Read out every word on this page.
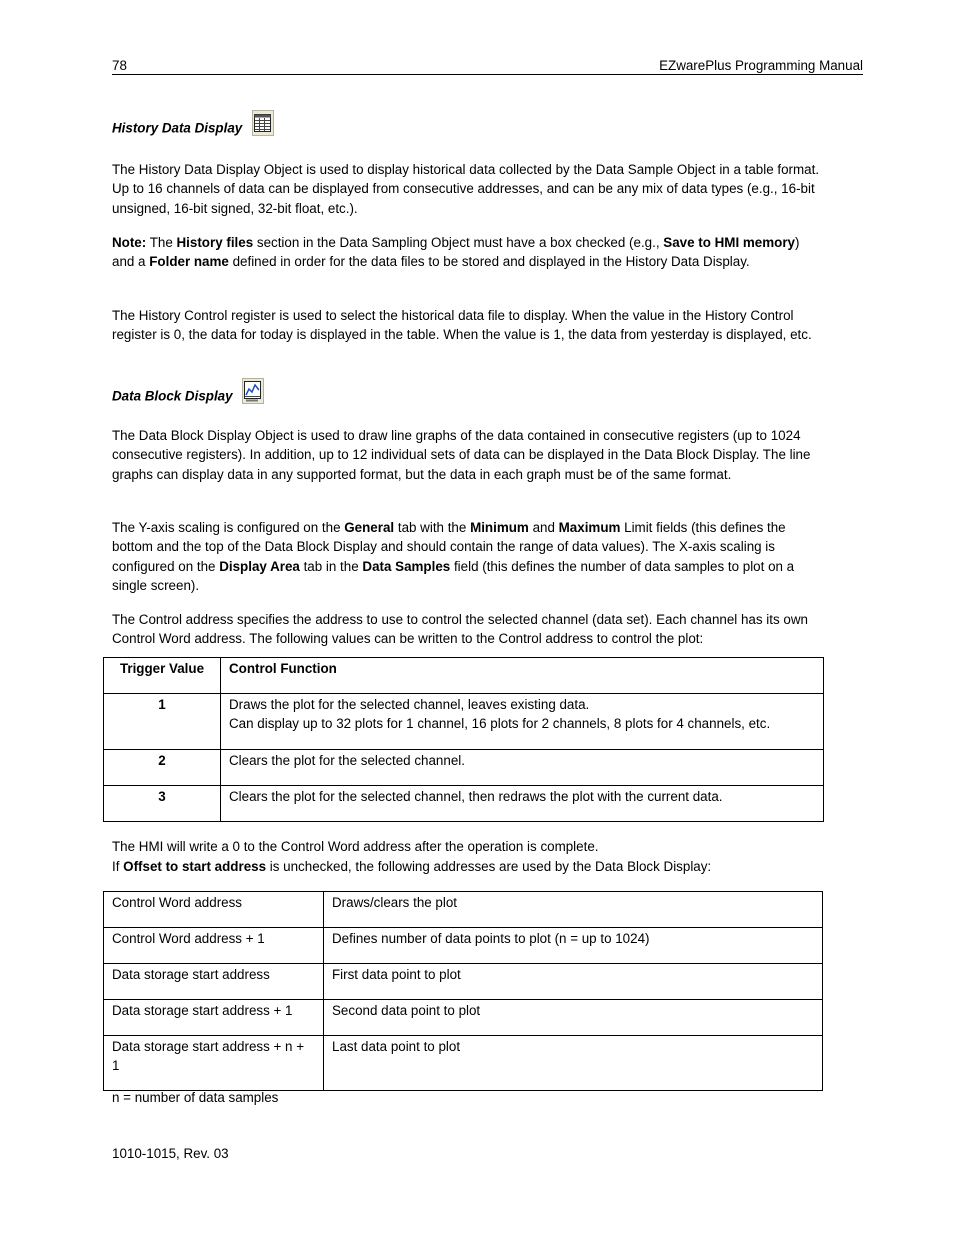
78	EZwarePlus Programming Manual
History Data Display

The History Data Display Object is used to display historical data collected by the Data Sample Object in a table format. Up to 16 channels of data can be displayed from consecutive addresses, and can be any mix of data types (e.g., 16-bit unsigned, 16-bit signed, 32-bit float, etc.).

Note: The History files section in the Data Sampling Object must have a box checked (e.g., Save to HMI memory) and a Folder name defined in order for the data files to be stored and displayed in the History Data Display.

The History Control register is used to select the historical data file to display. When the value in the History Control register is 0, the data for today is displayed in the table. When the value is 1, the data from yesterday is displayed, etc.

Data Block Display

The Data Block Display Object is used to draw line graphs of the data contained in consecutive registers (up to 1024 consecutive registers). In addition, up to 12 individual sets of data can be displayed in the Data Block Display. The line graphs can display data in any supported format, but the data in each graph must be of the same format.

The Y-axis scaling is configured on the General tab with the Minimum and Maximum Limit fields (this defines the bottom and the top of the Data Block Display and should contain the range of data values). The X-axis scaling is configured on the Display Area tab in the Data Samples field (this defines the number of data samples to plot on a single screen).

The Control address specifies the address to use to control the selected channel (data set). Each channel has its own Control Word address. The following values can be written to the Control address to control the plot:

Trigger Value	Control Function
1	Draws the plot for the selected channel, leaves existing data.
Can display up to 32 plots for 1 channel, 16 plots for 2 channels, 8 plots for 4 channels, etc.

2	Clears the plot for the selected channel.
3	Clears the plot for the selected channel, then redraws the plot with the current data.

The HMI will write a 0 to the Control Word address after the operation is complete.

If Offset to start address is unchecked, the following addresses are used by the Data Block Display:

Control Word address	Draws/clears the plot
Control Word address + 1	Defines number of data points to plot (n = up to 1024)
Data storage start address	First data point to plot
Data storage start address + 1	Second data point to plot
Data storage start address + n + 1	Last data point to plot
n = number of data samples
1010-1015, Rev. 03
